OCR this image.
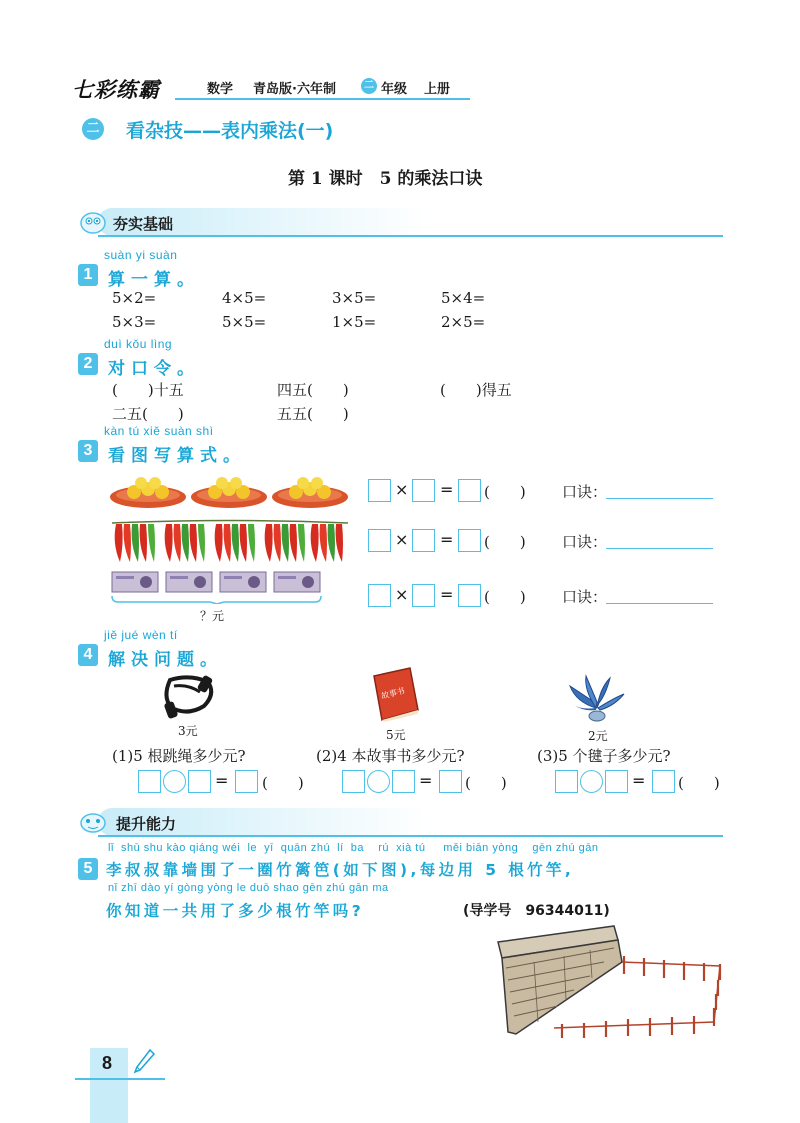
七彩练霸	数学 青岛版·六年制	二 年级 上册
二 看杂技——表内乘法(一)
第 1 课时　5 的乘法口诀
夯实基础
suàn yi suàn
1 算一算。
5×2=	4×5=	3×5=	5×4=
5×3=	5×5=	1×5=	2×5=
duì kǒu lìng
2 对口令。
(　　)十五	四五(　　)	(　　)得五
二五(　　)	五五(　　)
kàn tú xiě suàn shì
3 看图写算式。
？元
× = (　　) 口诀：
× = (　　) 口诀：
× = (　　) 口诀：
jiě jué wèn tí
4 解决问题。
3元
故事书
5元	2元
(1)5 根跳绳多少元?	(2)4 本故事书多少元?	(3)5 个毽子多少元?
= (　　)	= (　　)	= (　　)
提升能力
lǐ  shū shu kào qiáng wéi  le  yī  quān zhú  lí  ba    rú  xià tú     měi biān yòng    gēn zhú gān
5 李叔叔靠墙围了一圈竹篱笆(如下图),每边用 5 根竹竿,
nǐ zhī dào yí gòng yòng le duō shao gēn zhú gān ma
你知道一共用了多少根竹竿吗?	(导学号　96344011)
8
